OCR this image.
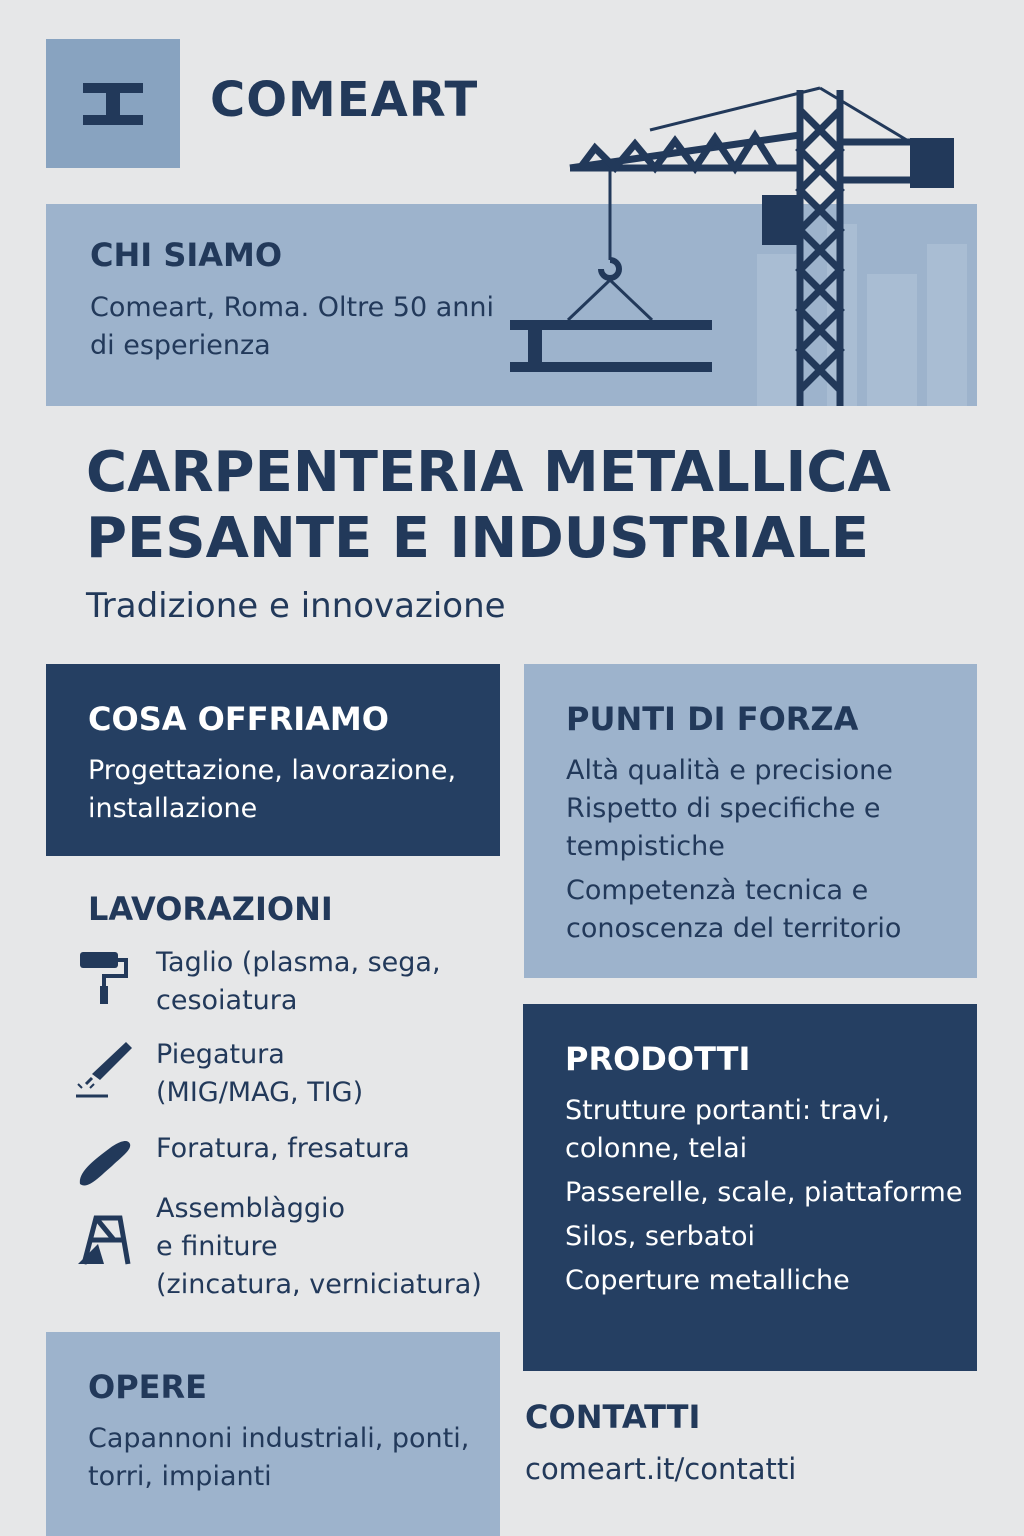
COMEART
CHI SIAMO

Comeart, Roma. Oltre 50 anni di esperienza

CARPENTERIA METALLICA
PESANTE E INDUSTRIALE

Tradizione e innovazione

COSA OFFRIAMO

Progettazione, lavorazione, installazione

PUNTI DI FORZA

Altà qualità e precisione
Rispetto di specifiche e tempistiche
Competenzà tecnica e conoscenza del territorio

LAVORAZIONI
Taglio (plasma, sega,
cesoiatura
Piegatura
(MIG/MAG, TIG)
Foratura, fresatura
Assemblàggio
e finiture
(zincatura, verniciatura)
PRODOTTI

Strutture portanti: travi, colonne, telai
Passerelle, scale, piattaforme
Silos, serbatoi
Coperture metalliche

OPERE

Capannoni industriali, ponti, torri, impianti

CONTATTI
comeart.it/contatti
